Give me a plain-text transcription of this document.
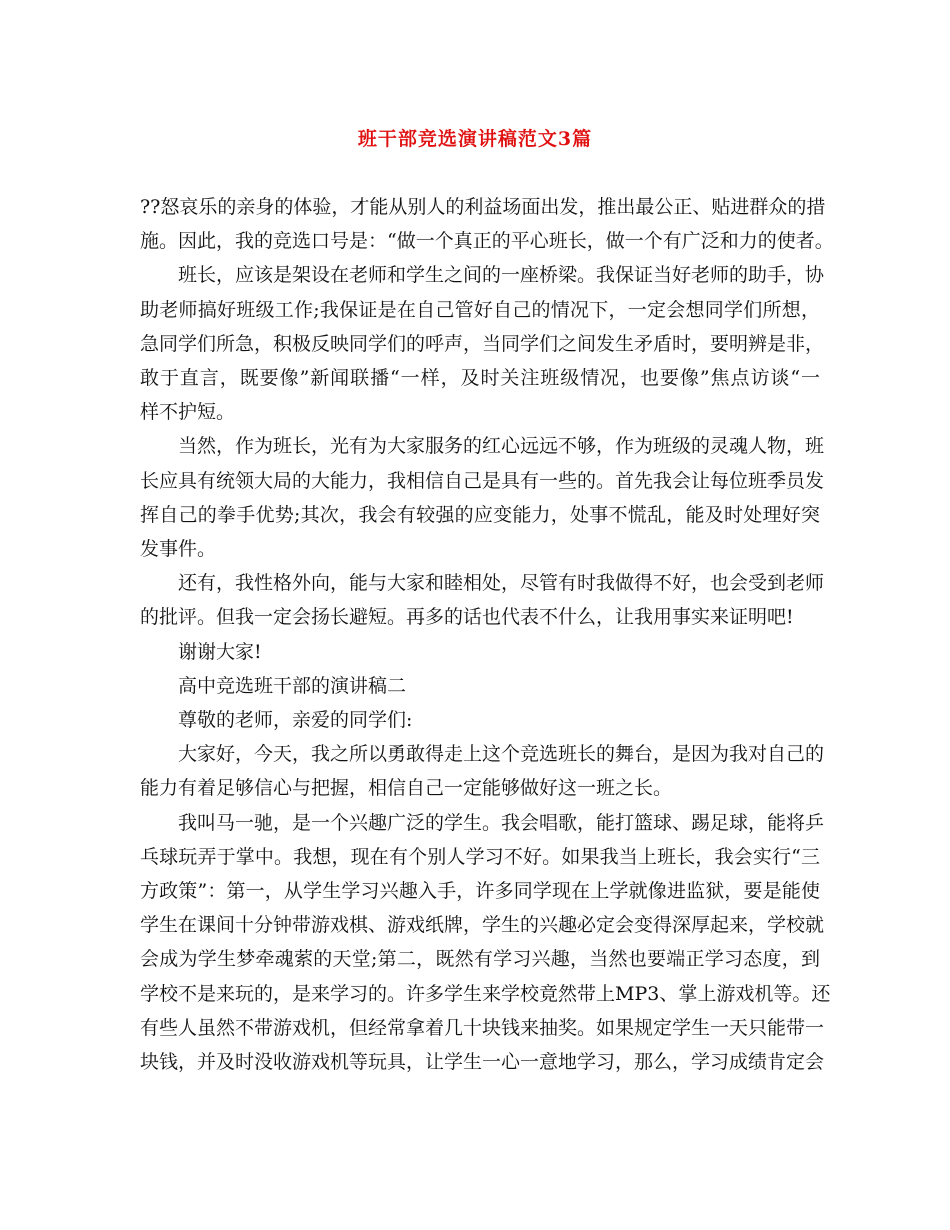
班干部竞选演讲稿范文3篇
??怒哀乐的亲身的体验，才能从别人的利益场面出发，推出最公正、贴进群众的措
施。因此，我的竞选口号是：“做一个真正的平心班长，做一个有广泛和力的使者。
班长，应该是架设在老师和学生之间的一座桥梁。我保证当好老师的助手，协
助老师搞好班级工作;我保证是在自己管好自己的情况下，一定会想同学们所想，
急同学们所急，积极反映同学们的呼声，当同学们之间发生矛盾时，要明辨是非，
敢于直言，既要像”新闻联播“一样，及时关注班级情况，也要像”焦点访谈“一
样不护短。
当然，作为班长，光有为大家服务的红心远远不够，作为班级的灵魂人物，班
长应具有统领大局的大能力，我相信自己是具有一些的。首先我会让每位班季员发
挥自己的拳手优势;其次，我会有较强的应变能力，处事不慌乱，能及时处理好突
发事件。
还有，我性格外向，能与大家和睦相处，尽管有时我做得不好，也会受到老师
的批评。但我一定会扬长避短。再多的话也代表不什么，让我用事实来证明吧!
谢谢大家!
高中竞选班干部的演讲稿二
尊敬的老师，亲爱的同学们:
大家好，今天，我之所以勇敢得走上这个竞选班长的舞台，是因为我对自己的
能力有着足够信心与把握，相信自己一定能够做好这一班之长。
我叫马一驰，是一个兴趣广泛的学生。我会唱歌，能打篮球、踢足球，能将乒
乓球玩弄于掌中。我想，现在有个别人学习不好。如果我当上班长，我会实行“三
方政策”：第一，从学生学习兴趣入手，许多同学现在上学就像进监狱，要是能使
学生在课间十分钟带游戏棋、游戏纸牌，学生的兴趣必定会变得深厚起来，学校就
会成为学生梦牵魂萦的天堂;第二，既然有学习兴趣，当然也要端正学习态度，到
学校不是来玩的，是来学习的。许多学生来学校竟然带上MP3、掌上游戏机等。还
有些人虽然不带游戏机，但经常拿着几十块钱来抽奖。如果规定学生一天只能带一
块钱，并及时没收游戏机等玩具，让学生一心一意地学习，那么，学习成绩肯定会
